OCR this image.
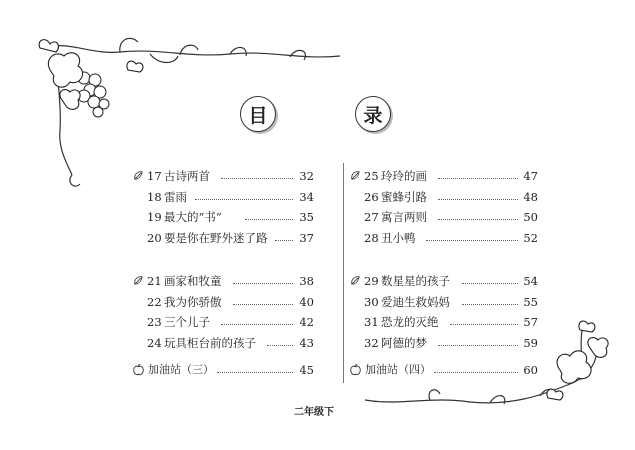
目	录
17 古诗两首	32
18 雷雨	34
19 最大的“书”	35
20 要是你在野外迷了路	37
21 画家和牧童	38
22 我为你骄傲	40
23 三个儿子	42
24 玩具柜台前的孩子	43
加油站（三）	45
25 玲玲的画	47
26 蜜蜂引路	48
27 寓言两则	50
28 丑小鸭	52
29 数星星的孩子	54
30 爱迪生救妈妈	55
31 恐龙的灭绝	57
32 阿德的梦	59
加油站（四）	60
二年级下
